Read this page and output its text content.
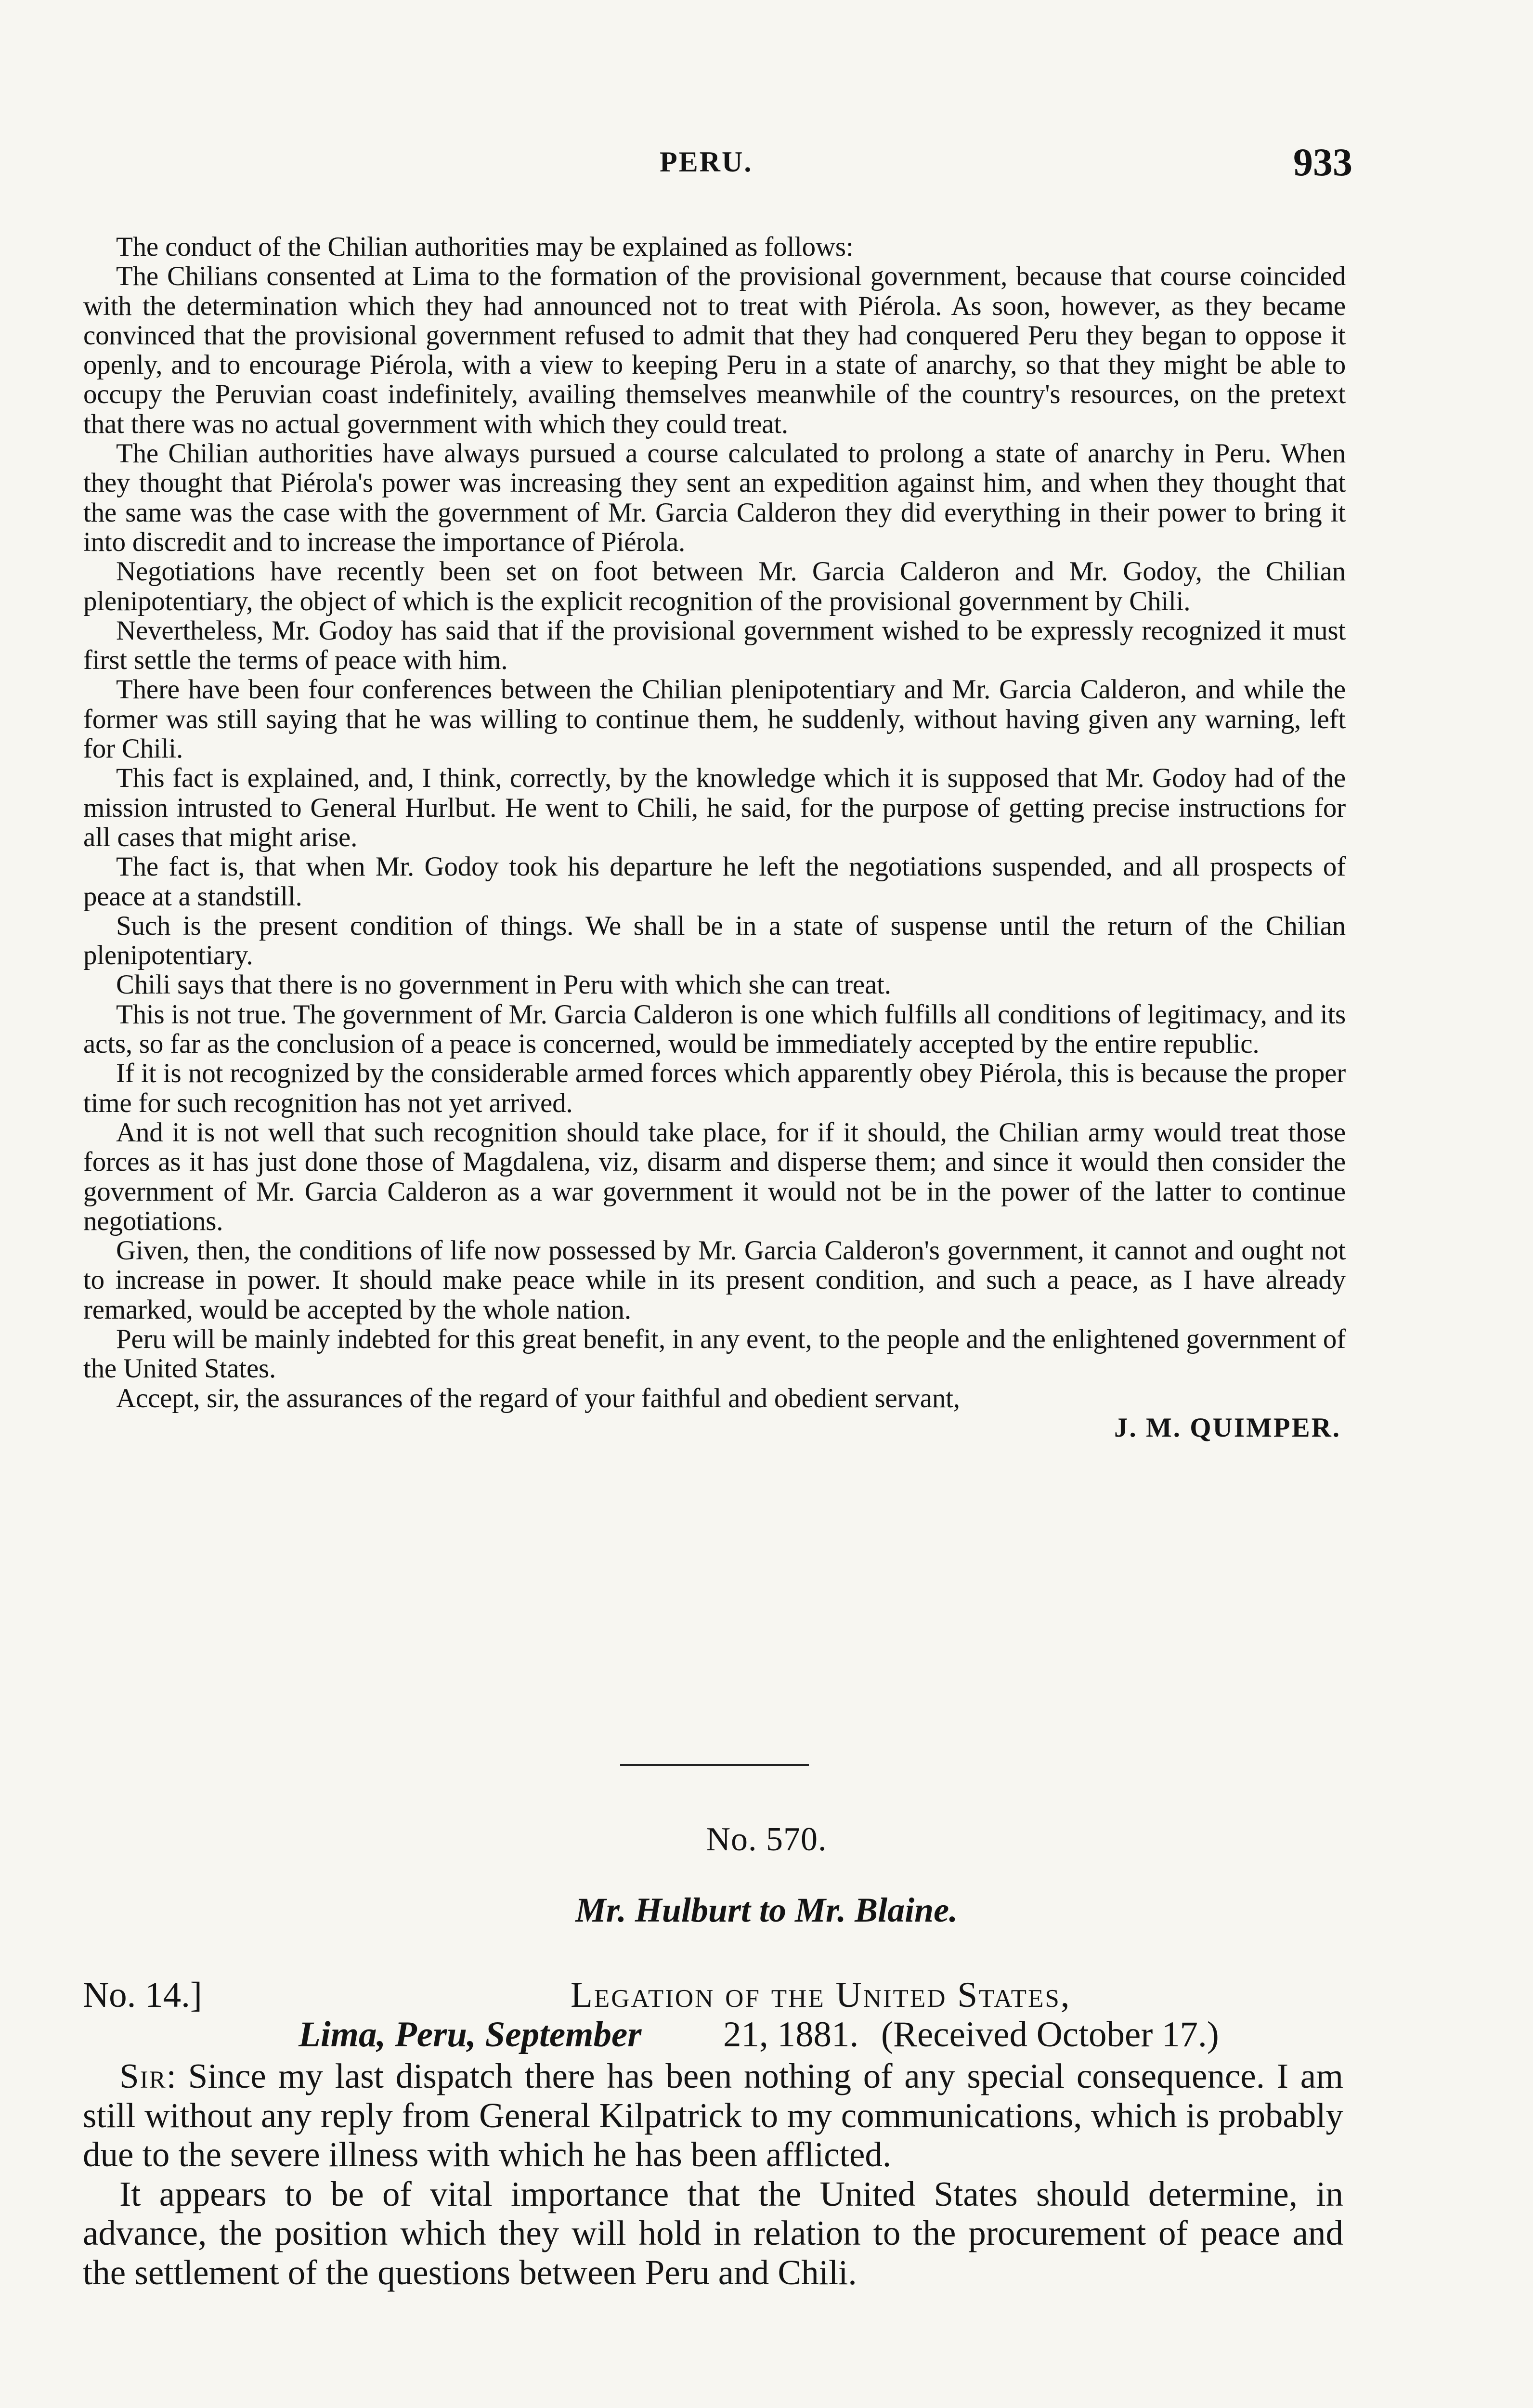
PERU.	933

The conduct of the Chilian authorities may be explained as follows:

The Chilians consented at Lima to the formation of the provisional government, because that course coincided with the determination which they had announced not to treat with Piérola. As soon, however, as they became convinced that the provisional government refused to admit that they had conquered Peru they began to oppose it openly, and to encourage Piérola, with a view to keeping Peru in a state of anarchy, so that they might be able to occupy the Peruvian coast indefinitely, availing themselves meanwhile of the country's resources, on the pretext that there was no actual government with which they could treat.

The Chilian authorities have always pursued a course calculated to prolong a state of anarchy in Peru. When they thought that Piérola's power was increasing they sent an expedition against him, and when they thought that the same was the case with the government of Mr. Garcia Calderon they did everything in their power to bring it into discredit and to increase the importance of Piérola.

Negotiations have recently been set on foot between Mr. Garcia Calderon and Mr. Godoy, the Chilian plenipotentiary, the object of which is the explicit recognition of the provisional government by Chili.

Nevertheless, Mr. Godoy has said that if the provisional government wished to be expressly recognized it must first settle the terms of peace with him.

There have been four conferences between the Chilian plenipotentiary and Mr. Garcia Calderon, and while the former was still saying that he was willing to continue them, he suddenly, without having given any warning, left for Chili.

This fact is explained, and, I think, correctly, by the knowledge which it is supposed that Mr. Godoy had of the mission intrusted to General Hurlbut. He went to Chili, he said, for the purpose of getting precise instructions for all cases that might arise.

The fact is, that when Mr. Godoy took his departure he left the negotiations suspended, and all prospects of peace at a standstill.

Such is the present condition of things. We shall be in a state of suspense until the return of the Chilian plenipotentiary.

Chili says that there is no government in Peru with which she can treat.

This is not true. The government of Mr. Garcia Calderon is one which fulfills all conditions of legitimacy, and its acts, so far as the conclusion of a peace is concerned, would be immediately accepted by the entire republic.

If it is not recognized by the considerable armed forces which apparently obey Piérola, this is because the proper time for such recognition has not yet arrived.

And it is not well that such recognition should take place, for if it should, the Chilian army would treat those forces as it has just done those of Magdalena, viz, disarm and disperse them; and since it would then consider the government of Mr. Garcia Calderon as a war government it would not be in the power of the latter to continue negotiations.

Given, then, the conditions of life now possessed by Mr. Garcia Calderon's government, it cannot and ought not to increase in power. It should make peace while in its present condition, and such a peace, as I have already remarked, would be accepted by the whole nation.

Peru will be mainly indebted for this great benefit, in any event, to the people and the enlightened government of the United States.

Accept, sir, the assurances of the regard of your faithful and obedient servant,

J. M. QUIMPER.
No. 570.
Mr. Hulburt to Mr. Blaine.
No. 14.]	Legation of the United States,
Lima, Peru, September 21, 1881. (Received October 17.)

Sir: Since my last dispatch there has been nothing of any special consequence. I am still without any reply from General Kilpatrick to my communications, which is probably due to the severe illness with which he has been afflicted.

It appears to be of vital importance that the United States should determine, in advance, the position which they will hold in relation to the procurement of peace and the settlement of the questions between Peru and Chili.
